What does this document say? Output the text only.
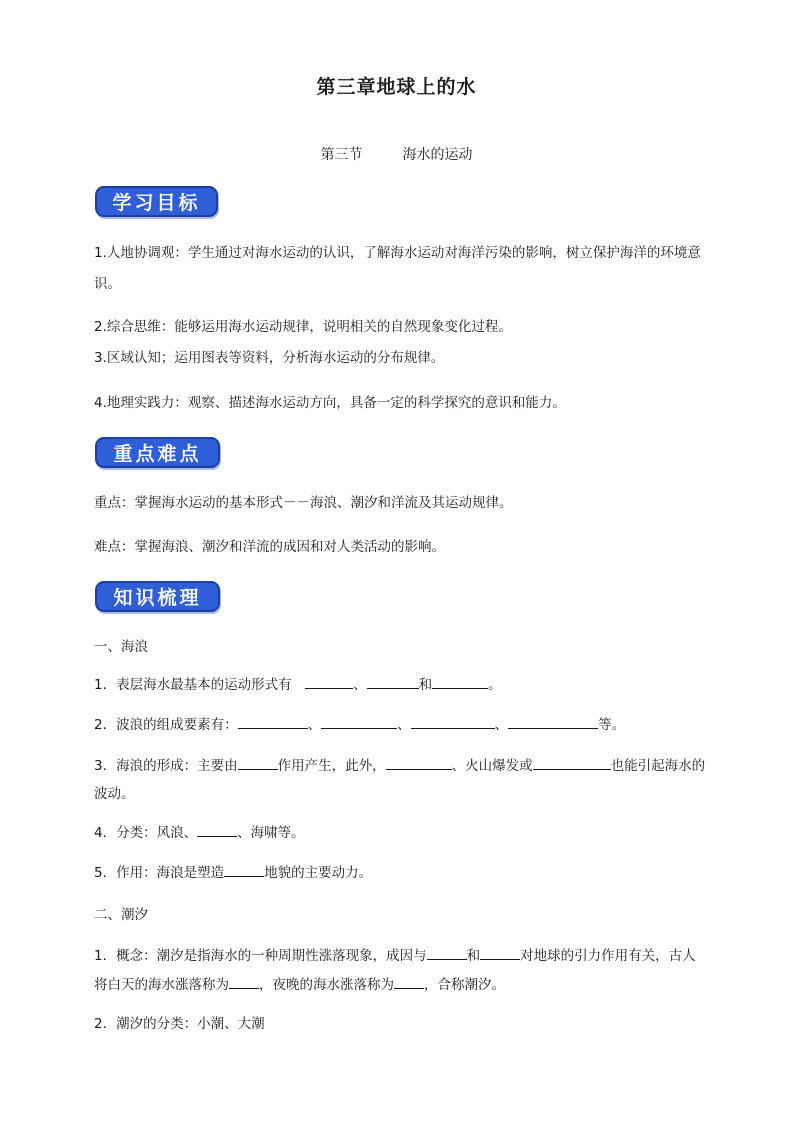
第三章地球上的水
第三节	海水的运动
学习目标
1.人地协调观：学生通过对海水运动的认识，了解海水运动对海洋污染的影响，树立保护海洋的环境意识。
2.综合思维：能够运用海水运动规律，说明相关的自然现象变化过程。
3.区域认知；运用图表等资料，分析海水运动的分布规律。
4.地理实践力：观察、描述海水运动方向，具备一定的科学探究的意识和能力。
重点难点
重点：掌握海水运动的基本形式－－海浪、潮汐和洋流及其运动规律。
难点：掌握海浪、潮汐和洋流的成因和对人类活动的影响。
知识梳理
一、海浪
1．表层海水最基本的运动形式有　	、	和	。
2．波浪的组成要素有：	、	、	、	等。
3．海浪的形成：主要由	作用产生，此外，	、火山爆发或	也能引起海水的波动。
4．分类：风浪、	、海啸等。
5．作用：海浪是塑造	地貌的主要动力。
二、潮汐
1．概念：潮汐是指海水的一种周期性涨落现象，成因与	和	对地球的引力作用有关，古人将白天的海水涨落称为 ，夜晚的海水涨落称为 ，合称潮汐。
2．潮汐的分类：小潮、大潮
